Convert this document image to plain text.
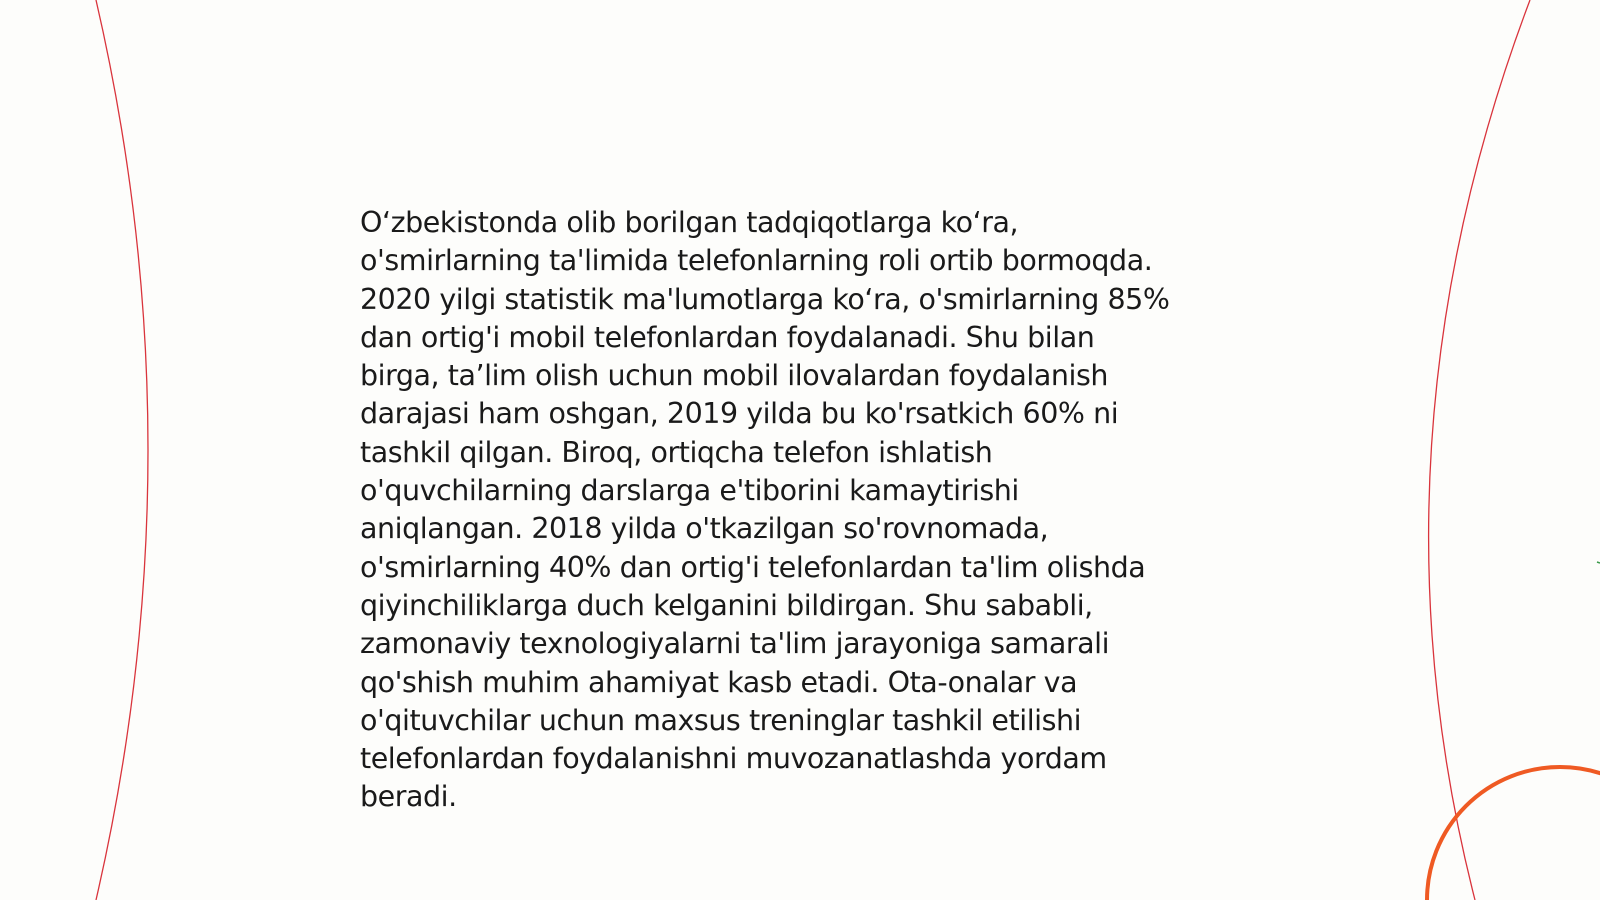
O‘zbekistonda olib borilgan tadqiqotlarga ko‘ra,
o'smirlarning ta'limida telefonlarning roli ortib bormoqda.
2020 yilgi statistik ma'lumotlarga ko‘ra, o'smirlarning 85%
dan ortig'i mobil telefonlardan foydalanadi. Shu bilan
birga, ta’lim olish uchun mobil ilovalardan foydalanish
darajasi ham oshgan, 2019 yilda bu ko'rsatkich 60% ni
tashkil qilgan. Biroq, ortiqcha telefon ishlatish
o'quvchilarning darslarga e'tiborini kamaytirishi
aniqlangan. 2018 yilda o'tkazilgan so'rovnomada,
o'smirlarning 40% dan ortig'i telefonlardan ta'lim olishda
qiyinchiliklarga duch kelganini bildirgan. Shu sababli,
zamonaviy texnologiyalarni ta'lim jarayoniga samarali
qo'shish muhim ahamiyat kasb etadi. Ota-onalar va
o'qituvchilar uchun maxsus treninglar tashkil etilishi
telefonlardan foydalanishni muvozanatlashda yordam
beradi.
